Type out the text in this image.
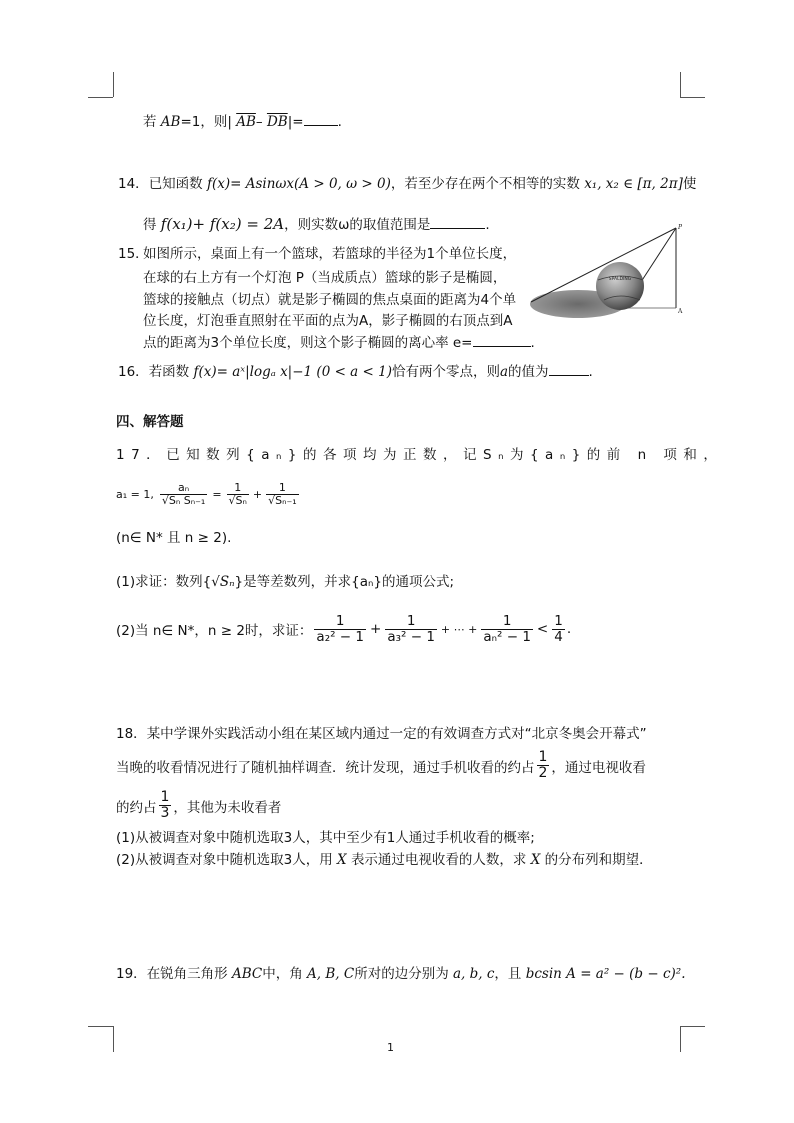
若 AB=1，则| $\overline{AB}-$ $\overline{DB}|=$	.
14．已知函数 f(x)= Asinωx(A > 0, ω > 0)，若至少存在两个不相等的实数 x₁, x₂ ∈ [π, 2π]使
得 f(x₁)+ f(x₂) = 2A，则实数ω的取值范围是	.
15．
如图所示，桌面上有一个篮球，若篮球的半径为1个单位长度，
在球的右上方有一个灯泡 P（当成质点）篮球的影子是椭圆，
篮球的接触点（切点）就是影子椭圆的焦点桌面的距离为4个单
位长度，灯泡垂直照射在平面的点为A，影子椭圆的右顶点到A
点的距离为3个单位长度，则这个影子椭圆的离心率 e=	.
SPALDING
P
A
16．若函数 f(x)= aˣ|logₐ x|−1 (0 < a < 1)恰有两个零点，则a的值为	.
四、解答题
17．已知数列{aₙ}的各项均为正数，记Sₙ为{aₙ}的前 n 项和，
a₁ = 1, $\frac{\text{aₙ}}{\text{√Sₙ Sₙ₋₁}} = \frac{1}{\text{√Sₙ}} + \frac{1}{\text{√Sₙ₋₁}}$
(n∈ N* 且 n ≥ 2).
(1)求证：数列{√Sₙ}是等差数列，并求{aₙ}的通项公式;
(2)当 n∈ N*，n ≥ 2时，求证： $\frac{1}{\text{a₂² − 1}} + \frac{1}{\text{a₃² − 1}}$ + ⋯ + $\frac{1}{\text{aₙ² − 1}} < \frac{1}{4}$ .
18．某中学课外实践活动小组在某区域内通过一定的有效调查方式对“北京冬奥会开幕式”
当晚的收看情况进行了随机抽样调查．统计发现，通过手机收看的约占 $\frac{1}{2}$ ，通过电视收看
的约占 $\frac{1}{3}$ ，其他为未收看者
(1)从被调查对象中随机选取3人，其中至少有1人通过手机收看的概率;
(2)从被调查对象中随机选取3人，用 X 表示通过电视收看的人数，求 X 的分布列和期望．
19．在锐角三角形 ABC中，角 A, B, C所对的边分别为 a, b, c，且 bcsin A = a² − (b − c)².
1
